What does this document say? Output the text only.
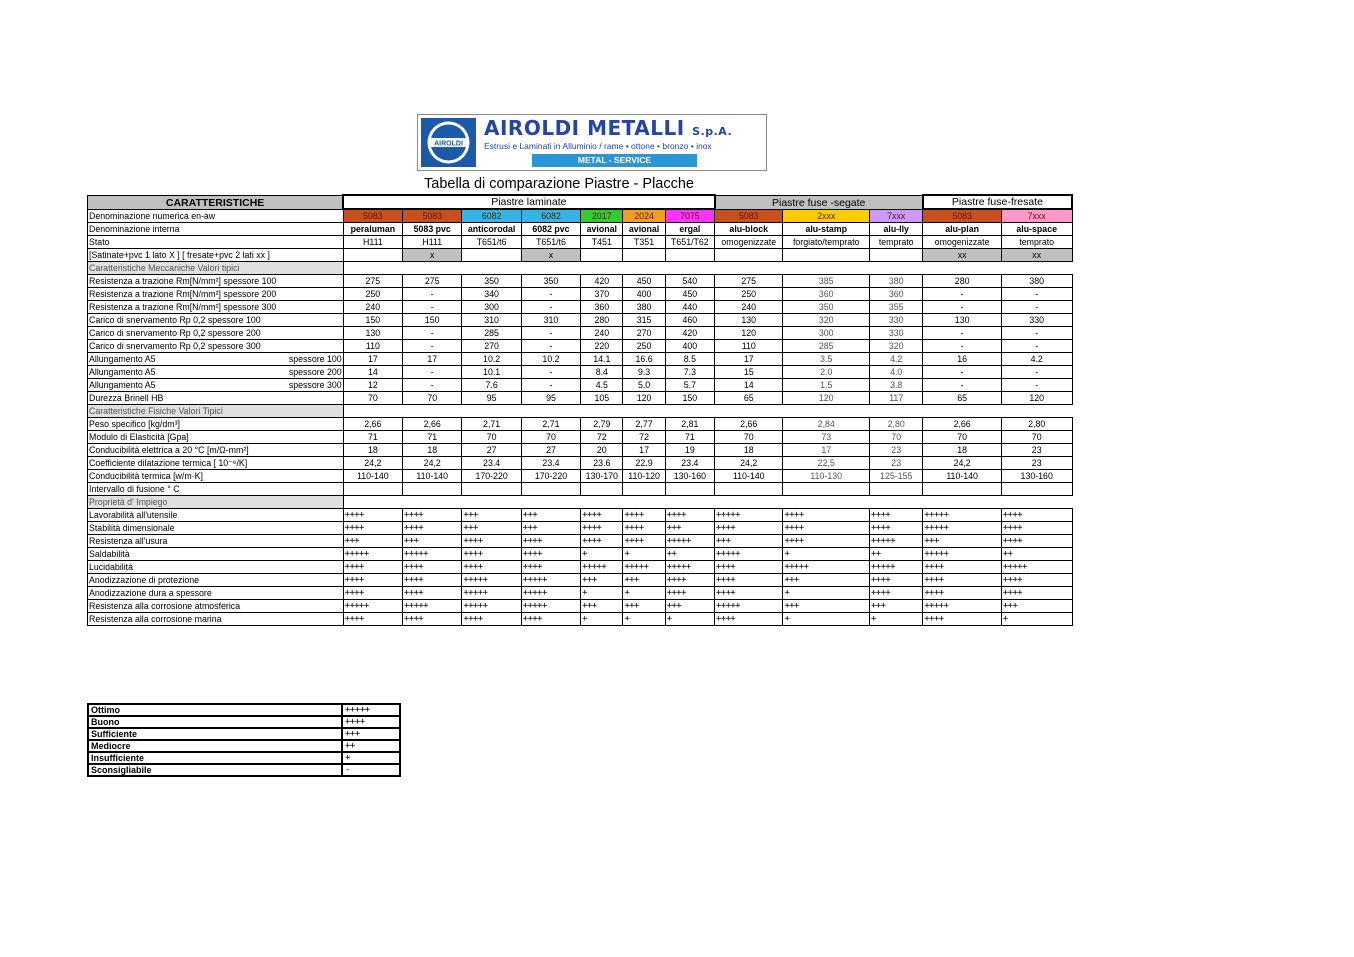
AIROLDI
AIROLDI METALLI S.p.A.
Estrusi e Laminati in Alluminio / rame • ottone • bronzo • inox
METAL - SERVICE
Tabella di comparazione Piastre - Placche
CARATTERISTICHE	Piastre laminate							Piastre fuse -segate			Piastre fuse-fresate	
Denominazione numerica en-aw	5083	5083	6082	6082	2017	2024	7075	5083	2xxx	7xxx	5083	7xxx
Denominazione interna	peraluman	5083 pvc	anticorodal	6082 pvc	avional	avional	ergal	alu-block	alu-stamp	alu-lly	alu-plan	alu-space
Stato	H111	H111	T651/t6	T651/t6	T451	T351	T651/T62	omogenizzate	forgiato/temprato	temprato	omogenizzate	temprato
[Satinate+pvc 1 lato X ] [ fresate+pvc 2 lati xx ]		x		x							xx	xx
Caratteristiche Meccaniche Valori tipici												
Resistenza a trazione Rm[N/mm²] spessore 100	275	275	350	350	420	450	540	275	385	380	280	380
Resistenza a trazione Rm[N/mm²] spessore 200	250	-	340	-	370	400	450	250	360	360	-	-
Resistenza a trazione Rm[N/mm²] spessore 300	240	-	300	-	360	380	440	240	350	355	-	-
Carico di snervamento Rp 0,2 spessore 100	150	150	310	310	280	315	460	130	320	330	130	330
Carico di snervamento Rp 0,2 spessore 200	130	-	285	-	240	270	420	120	300	330	-	-
Carico di snervamento Rp 0,2 spessore 300	110	-	270	-	220	250	400	110	285	320	-	-
Allungamento A5 spessore 100	17	17	10.2	10.2	14.1	16.6	8.5	17	3.5	4.2	16	4.2
Allungamento A5 spessore 200	14	-	10.1	-	8.4	9.3	7.3	15	2.0	4.0	-	-
Allungamento A5 spessore 300	12	-	7.6	-	4.5	5.0	5.7	14	1.5	3.8	-	-
Durezza Brinell HB	70	70	95	95	105	120	150	65	120	117	65	120
Caratteristiche Fisiche Valori Tipici												
Peso specifico [kg/dm³]	2,66	2,66	2,71	2,71	2,79	2,77	2,81	2,66	2,84	2,80	2,66	2,80
Modulo di Elasticità [Gpa]	71	71	70	70	72	72	71	70	73	70	70	70
Conducibilità elettrica a 20 °C [m/Ω-mm²]	18	18	27	27	20	17	19	18	17	23	18	23
Coefficiente dilatazione termica [ 10⁻⁶/K]	24,2	24,2	23.4	23.4	23.6	22.9	23.4	24,2	22,5	23	24,2	23
Conducibilità termica [w/m·K]	110-140	110-140	170-220	170-220	130-170	110-120	130-160	110-140	110-130	125-155	110-140	130-160
Intervallo di fusione ° C												
Proprietà d' Impiego												
Lavorabilità all'utensile	++++	++++	+++	+++	++++	++++	++++	+++++	++++	++++	+++++	++++
Stabilità dimensionale	++++	++++	+++	+++	++++	++++	+++	++++	++++	++++	+++++	++++
Resistenza all'usura	+++	+++	++++	++++	++++	++++	+++++	+++	++++	+++++	+++	++++
Saldabilità	+++++	+++++	++++	++++	+	+	++	+++++	+	++	+++++	++
Lucidabilità	++++	++++	++++	++++	+++++	+++++	+++++	++++	+++++	+++++	++++	+++++
Anodizzazione di protezione	++++	++++	+++++	+++++	+++	+++	++++	++++	+++	++++	++++	++++
Anodizzazione dura a spessore	++++	++++	+++++	+++++	+	+	++++	++++	+	++++	++++	++++
Resistenza alla corrosione atmosferica	+++++	+++++	+++++	+++++	+++	+++	+++	+++++	+++	+++	+++++	+++
Resistenza alla corrosione marina	++++	++++	++++	++++	+	+	+	++++	+	+	++++	+
Ottimo	+++++
Buono	++++
Sufficiente	+++
Mediocre	++
Insufficiente	+
Sconsigliabile	-
